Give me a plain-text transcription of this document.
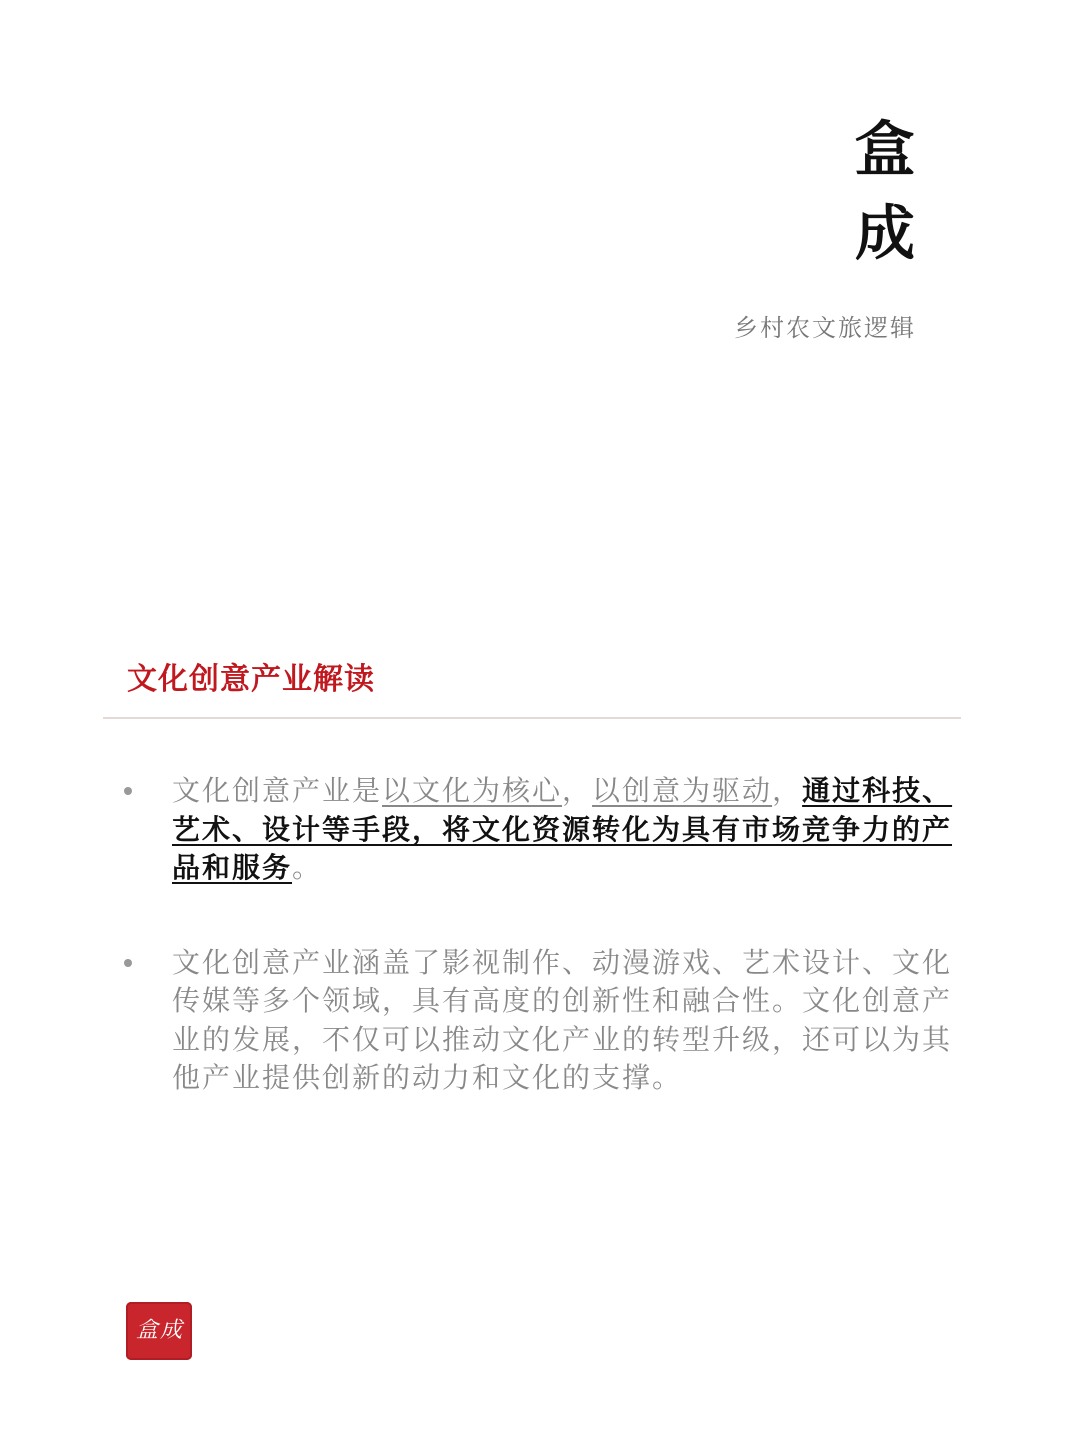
盒
成
乡村农文旅逻辑
文化创意产业解读
文化创意产业是以文化为核心，以创意为驱动，通过科技、艺术、设计等手段，将文化资源转化为具有市场竞争力的产品和服务。
文化创意产业涵盖了影视制作、动漫游戏、艺术设计、文化传媒等多个领域，具有高度的创新性和融合性。文化创意产业的发展，不仅可以推动文化产业的转型升级，还可以为其他产业提供创新的动力和文化的支撑。
盒 成
